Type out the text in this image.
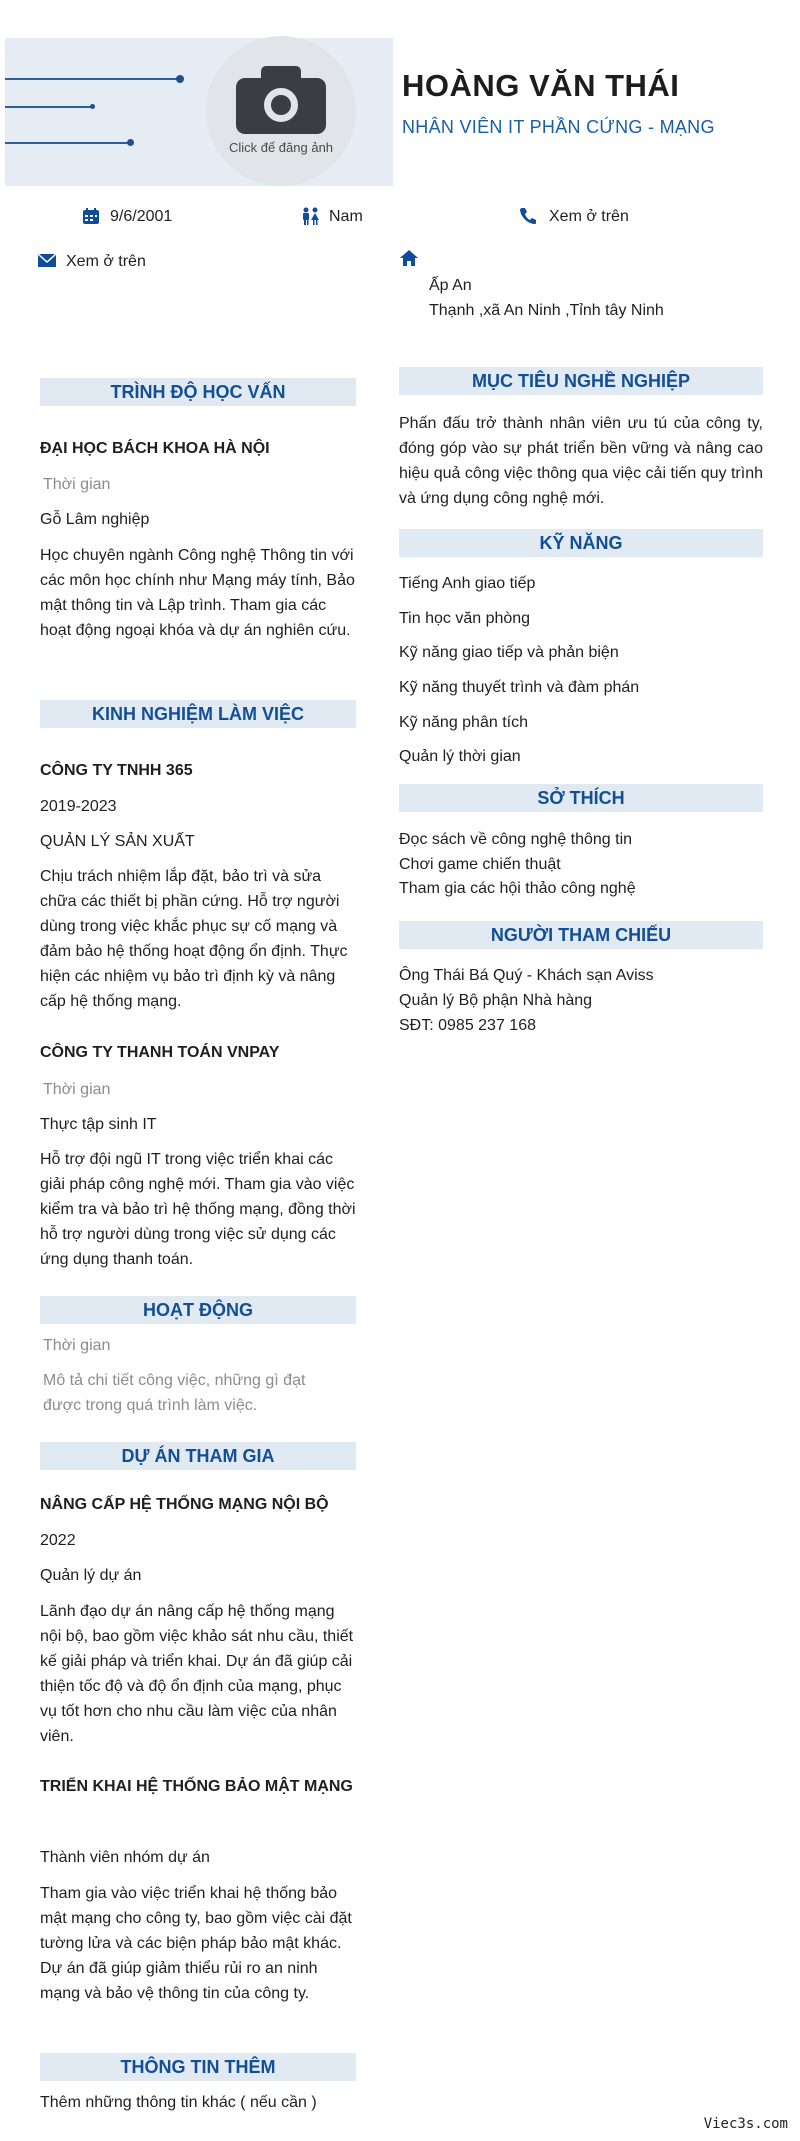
Click để đăng ảnh
HOÀNG VĂN THÁI
NHÂN VIÊN IT PHẦN CỨNG - MẠNG
9/6/2001	Nam	Xem ở trên
Xem ở trên
Ấp An
Thạnh ,xã An Ninh ,Tỉnh tây Ninh
TRÌNH ĐỘ HỌC VẤN
ĐẠI HỌC BÁCH KHOA HÀ NỘI
Thời gian
Gỗ Lâm nghiệp
Học chuyên ngành Công nghệ Thông tin với các môn học chính như Mạng máy tính, Bảo mật thông tin và Lập trình. Tham gia các hoạt động ngoại khóa và dự án nghiên cứu.
KINH NGHIỆM LÀM VIỆC
CÔNG TY TNHH 365
2019-2023
QUẢN LÝ SẢN XUẤT
Chịu trách nhiệm lắp đặt, bảo trì và sửa chữa các thiết bị phần cứng. Hỗ trợ người dùng trong việc khắc phục sự cố mạng và đảm bảo hệ thống hoạt động ổn định. Thực hiện các nhiệm vụ bảo trì định kỳ và nâng cấp hệ thống mạng.
CÔNG TY THANH TOÁN VNPAY
Thời gian
Thực tập sinh IT
Hỗ trợ đội ngũ IT trong việc triển khai các giải pháp công nghệ mới. Tham gia vào việc kiểm tra và bảo trì hệ thống mạng, đồng thời hỗ trợ người dùng trong việc sử dụng các ứng dụng thanh toán.
HOẠT ĐỘNG
Thời gian
Mô tả chi tiết công việc, những gì đạt được trong quá trình làm việc.
DỰ ÁN THAM GIA
NÂNG CẤP HỆ THỐNG MẠNG NỘI BỘ
2022
Quản lý dự án
Lãnh đạo dự án nâng cấp hệ thống mạng nội bộ, bao gồm việc khảo sát nhu cầu, thiết kế giải pháp và triển khai. Dự án đã giúp cải thiện tốc độ và độ ổn định của mạng, phục vụ tốt hơn cho nhu cầu làm việc của nhân viên.
TRIỂN KHAI HỆ THỐNG BẢO MẬT MẠNG
Thành viên nhóm dự án
Tham gia vào việc triển khai hệ thống bảo mật mạng cho công ty, bao gồm việc cài đặt tường lửa và các biện pháp bảo mật khác. Dự án đã giúp giảm thiểu rủi ro an ninh mạng và bảo vệ thông tin của công ty.
THÔNG TIN THÊM
Thêm những thông tin khác ( nếu cần )
MỤC TIÊU NGHỀ NGHIỆP
Phấn đấu trở thành nhân viên ưu tú của công ty, đóng góp vào sự phát triển bền vững và nâng cao hiệu quả công việc thông qua việc cải tiến quy trình và ứng dụng công nghệ mới.
KỸ NĂNG
Tiếng Anh giao tiếp
Tin học văn phòng
Kỹ năng giao tiếp và phản biện
Kỹ năng thuyết trình và đàm phán
Kỹ năng phân tích
Quản lý thời gian
SỞ THÍCH
Đọc sách về công nghệ thông tin
Chơi game chiến thuật
Tham gia các hội thảo công nghệ
NGƯỜI THAM CHIẾU
Ông Thái Bá Quý - Khách sạn Aviss
Quản lý Bộ phận Nhà hàng
SĐT: 0985 237 168
Viec3s.com
